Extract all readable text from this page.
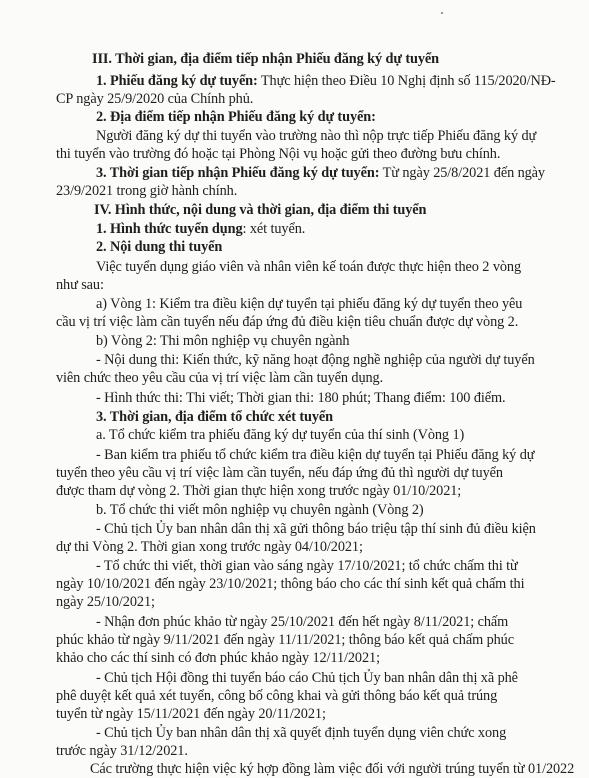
III. Thời gian, địa điểm tiếp nhận Phiếu đăng ký dự tuyển

1. Phiếu đăng ký dự tuyển: Thực hiện theo Điều 10 Nghị định số 115/2020/NĐ-

CP ngày 25/9/2020 của Chính phủ.

2. Địa điểm tiếp nhận Phiếu đăng ký dự tuyển:

Người đăng ký dự thi tuyển vào trường nào thì nộp trực tiếp Phiếu đăng ký dự

thi tuyển vào trường đó hoặc tại Phòng Nội vụ hoặc gửi theo đường bưu chính.

3. Thời gian tiếp nhận Phiếu đăng ký dự tuyển: Từ ngày 25/8/2021 đến ngày

23/9/2021 trong giờ hành chính.

IV. Hình thức, nội dung và thời gian, địa điểm thi tuyển

1. Hình thức tuyển dụng: xét tuyển.

2. Nội dung thi tuyển

Việc tuyển dụng giáo viên và nhân viên kế toán được thực hiện theo 2 vòng

như sau:

a) Vòng 1: Kiểm tra điều kiện dự tuyển tại phiếu đăng ký dự tuyển theo yêu

cầu vị trí việc làm cần tuyển nếu đáp ứng đủ điều kiện tiêu chuẩn được dự vòng 2.

b) Vòng 2: Thi môn nghiệp vụ chuyên ngành

- Nội dung thi: Kiến thức, kỹ năng hoạt động nghề nghiệp của người dự tuyển

viên chức theo yêu cầu của vị trí việc làm cần tuyển dụng.

- Hình thức thi: Thi viết; Thời gian thi: 180 phút; Thang điểm: 100 điểm.

3. Thời gian, địa điểm tổ chức xét tuyển

a. Tổ chức kiểm tra phiếu đăng ký dự tuyển của thí sinh (Vòng 1)

- Ban kiểm tra phiếu tổ chức kiểm tra điều kiện dự tuyển tại Phiếu đăng ký dự

tuyển theo yêu cầu vị trí việc làm cần tuyển, nếu đáp ứng đủ thì người dự tuyển

được tham dự vòng 2. Thời gian thực hiện xong trước ngày 01/10/2021;

b. Tổ chức thi viết môn nghiệp vụ chuyên ngành (Vòng 2)

- Chủ tịch Ủy ban nhân dân thị xã gửi thông báo triệu tập thí sinh đủ điều kiện

dự thi Vòng 2. Thời gian xong trước ngày 04/10/2021;

- Tổ chức thi viết, thời gian vào sáng ngày 17/10/2021; tổ chức chấm thi từ

ngày 10/10/2021 đến ngày 23/10/2021; thông báo cho các thí sinh kết quả chấm thi

ngày 25/10/2021;

- Nhận đơn phúc khảo từ ngày 25/10/2021 đến hết ngày 8/11/2021; chấm

phúc khảo từ ngày 9/11/2021 đến ngày 11/11/2021; thông báo kết quả chấm phúc

khảo cho các thí sinh có đơn phúc khảo ngày 12/11/2021;

- Chủ tịch Hội đồng thi tuyển báo cáo Chủ tịch Ủy ban nhân dân thị xã phê

phê duyệt kết quả xét tuyển, công bố công khai và gửi thông báo kết quả trúng

tuyển từ ngày 15/11/2021 đến ngày 20/11/2021;

- Chủ tịch Ủy ban nhân dân thị xã quyết định tuyển dụng viên chức xong

trước ngày 31/12/2021.

Các trường thực hiện việc ký hợp đồng làm việc đối với người trúng tuyển từ 01/2022
